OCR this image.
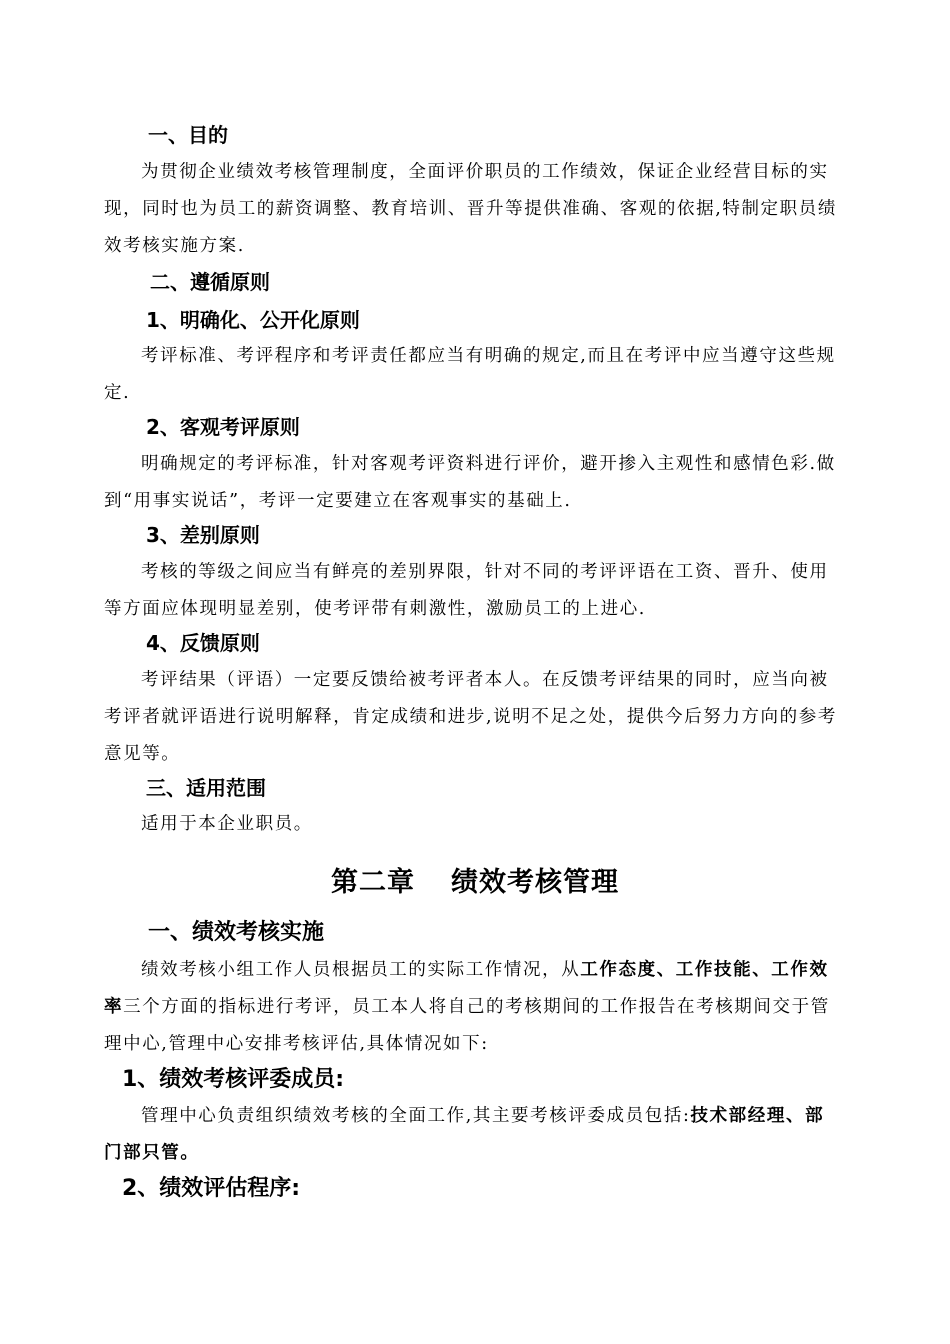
一、目的
为贯彻企业绩效考核管理制度，全面评价职员的工作绩效，保证企业经营目标的实
现，同时也为员工的薪资调整、教育培训、晋升等提供准确、客观的依据,特制定职员绩
效考核实施方案.
二、遵循原则
1、明确化、公开化原则
考评标准、考评程序和考评责任都应当有明确的规定,而且在考评中应当遵守这些规
定.
2、客观考评原则
明确规定的考评标准，针对客观考评资料进行评价，避开掺入主观性和感情色彩.做
到“用事实说话”，考评一定要建立在客观事实的基础上.
3、差别原则
考核的等级之间应当有鲜亮的差别界限，针对不同的考评评语在工资、晋升、使用
等方面应体现明显差别，使考评带有刺激性，激励员工的上进心.
4、反馈原则
考评结果（评语）一定要反馈给被考评者本人。在反馈考评结果的同时，应当向被
考评者就评语进行说明解释，肯定成绩和进步,说明不足之处，提供今后努力方向的参考
意见等。
三、适用范围
适用于本企业职员。
第二章 绩效考核管理
一、绩效考核实施
绩效考核小组工作人员根据员工的实际工作情况，从工作态度、工作技能、工作效
率三个方面的指标进行考评，员工本人将自己的考核期间的工作报告在考核期间交于管
理中心,管理中心安排考核评估,具体情况如下:
1、绩效考核评委成员:
管理中心负责组织绩效考核的全面工作,其主要考核评委成员包括:技术部经理、部
门部只管。
2、绩效评估程序:
